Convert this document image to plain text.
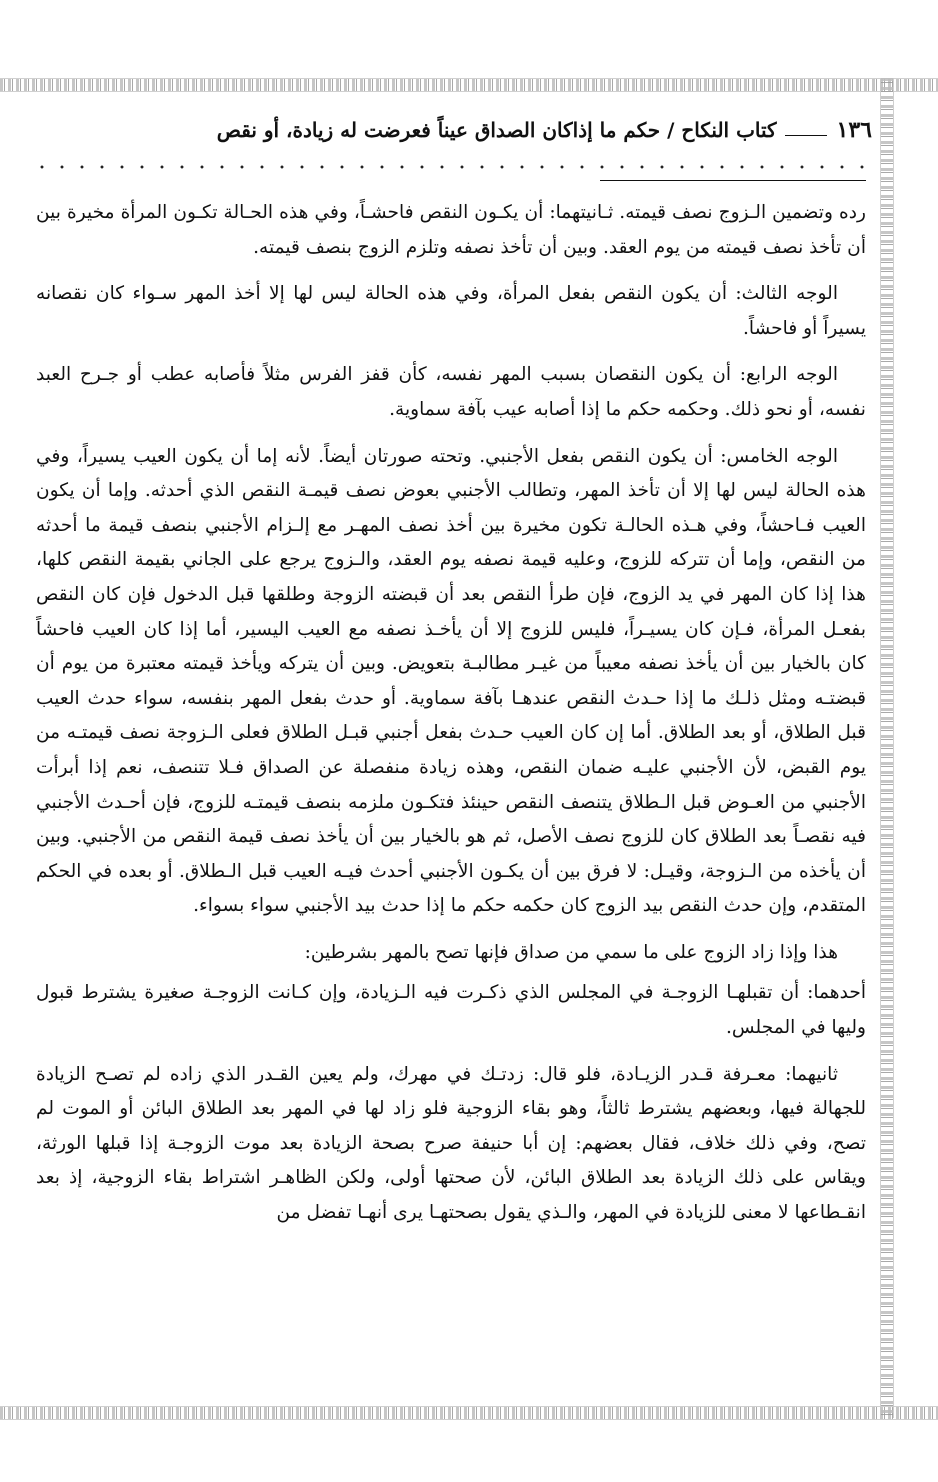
١٣٦
كتاب النكاح / حكم ما إذاكان الصداق عيناً فعرضت له زيادة، أو نقص

رده وتضمين الـزوج نصف قيمته. ثـانيتهما: أن يكـون النقص فاحشـاً، وفي هذه الحـالة تكـون المرأة مخيرة بين أن تأخذ نصف قيمته من يوم العقد. وبين أن تأخذ نصفه وتلزم الزوج بنصف قيمته.

الوجه الثالث: أن يكون النقص بفعل المرأة، وفي هذه الحالة ليس لها إلا أخذ المهر سـواء كان نقصانه يسيراً أو فاحشاً.

الوجه الرابع: أن يكون النقصان بسبب المهر نفسه، كأن قفز الفرس مثلاً فأصابه عطب أو جـرح العبد نفسه، أو نحو ذلك. وحكمه حكم ما إذا أصابه عيب بآفة سماوية.

الوجه الخامس: أن يكون النقص بفعل الأجنبي. وتحته صورتان أيضاً. لأنه إما أن يكون العيب يسيراً، وفي هذه الحالة ليس لها إلا أن تأخذ المهر، وتطالب الأجنبي بعوض نصف قيمـة النقص الذي أحدثه. وإما أن يكون العيب فـاحشاً، وفي هـذه الحالـة تكون مخيرة بين أخذ نصف المهـر مع إلـزام الأجنبي بنصف قيمة ما أحدثه من النقص، وإما أن تتركه للزوج، وعليه قيمة نصفه يوم العقد، والـزوج يرجع على الجاني بقيمة النقص كلها، هذا إذا كان المهر في يد الزوج، فإن طرأ النقص بعد أن قبضته الزوجة وطلقها قبل الدخول فإن كان النقص بفعـل المرأة، فـإن كان يسيـراً، فليس للزوج إلا أن يأخـذ نصفه مع العيب اليسير، أما إذا كان العيب فاحشاً كان بالخيار بين أن يأخذ نصفه معيباً من غيـر مطالبـة بتعويض. وبين أن يتركه ويأخذ قيمته معتبرة من يوم أن قبضتـه ومثل ذلـك ما إذا حـدث النقص عندهـا بآفة سماوية. أو حدث بفعل المهر بنفسه، سواء حدث العيب قبل الطلاق، أو بعد الطلاق. أما إن كان العيب حـدث بفعل أجنبي قبـل الطلاق فعلى الـزوجة نصف قيمتـه من يوم القبض، لأن الأجنبي عليـه ضمان النقص، وهذه زيادة منفصلة عن الصداق فـلا تتنصف، نعم إذا أبرأت الأجنبي من العـوض قبل الـطلاق يتنصف النقص حينئذ فتكـون ملزمه بنصف قيمتـه للزوج، فإن أحـدث الأجنبي فيه نقصـاً بعد الطلاق كان للزوج نصف الأصل، ثم هو بالخيار بين أن يأخذ نصف قيمة النقص من الأجنبي. وبين أن يأخذه من الـزوجة، وقيـل: لا فرق بين أن يكـون الأجنبي أحدث فيـه العيب قبل الـطلاق. أو بعده في الحكم المتقدم، وإن حدث النقص بيد الزوج كان حكمه حكم ما إذا حدث بيد الأجنبي سواء بسواء.

هذا وإذا زاد الزوج على ما سمي من صداق فإنها تصح بالمهر بشرطين:

أحدهما: أن تقبلهـا الزوجـة في المجلس الذي ذكـرت فيه الـزيادة، وإن كـانت الزوجـة صغيرة يشترط قبول وليها في المجلس.

ثانيهما: معـرفة قـدر الزيـادة، فلو قال: زدتـك في مهرك، ولم يعين القـدر الذي زاده لم تصـح الزيادة للجهالة فيها، وبعضهم يشترط ثالثاً، وهو بقاء الزوجية فلو زاد لها في المهر بعد الطلاق البائن أو الموت لم تصح، وفي ذلك خلاف، فقال بعضهم: إن أبا حنيفة صرح بصحة الزيادة بعد موت الزوجـة إذا قبلها الورثة، ويقاس على ذلك الزيادة بعد الطلاق البائن، لأن صحتها أولى، ولكن الظاهـر اشتراط بقاء الزوجية، إذ بعد انقـطاعها لا معنى للزيادة في المهر، والـذي يقول بصحتهـا يرى أنهـا تفضل من
